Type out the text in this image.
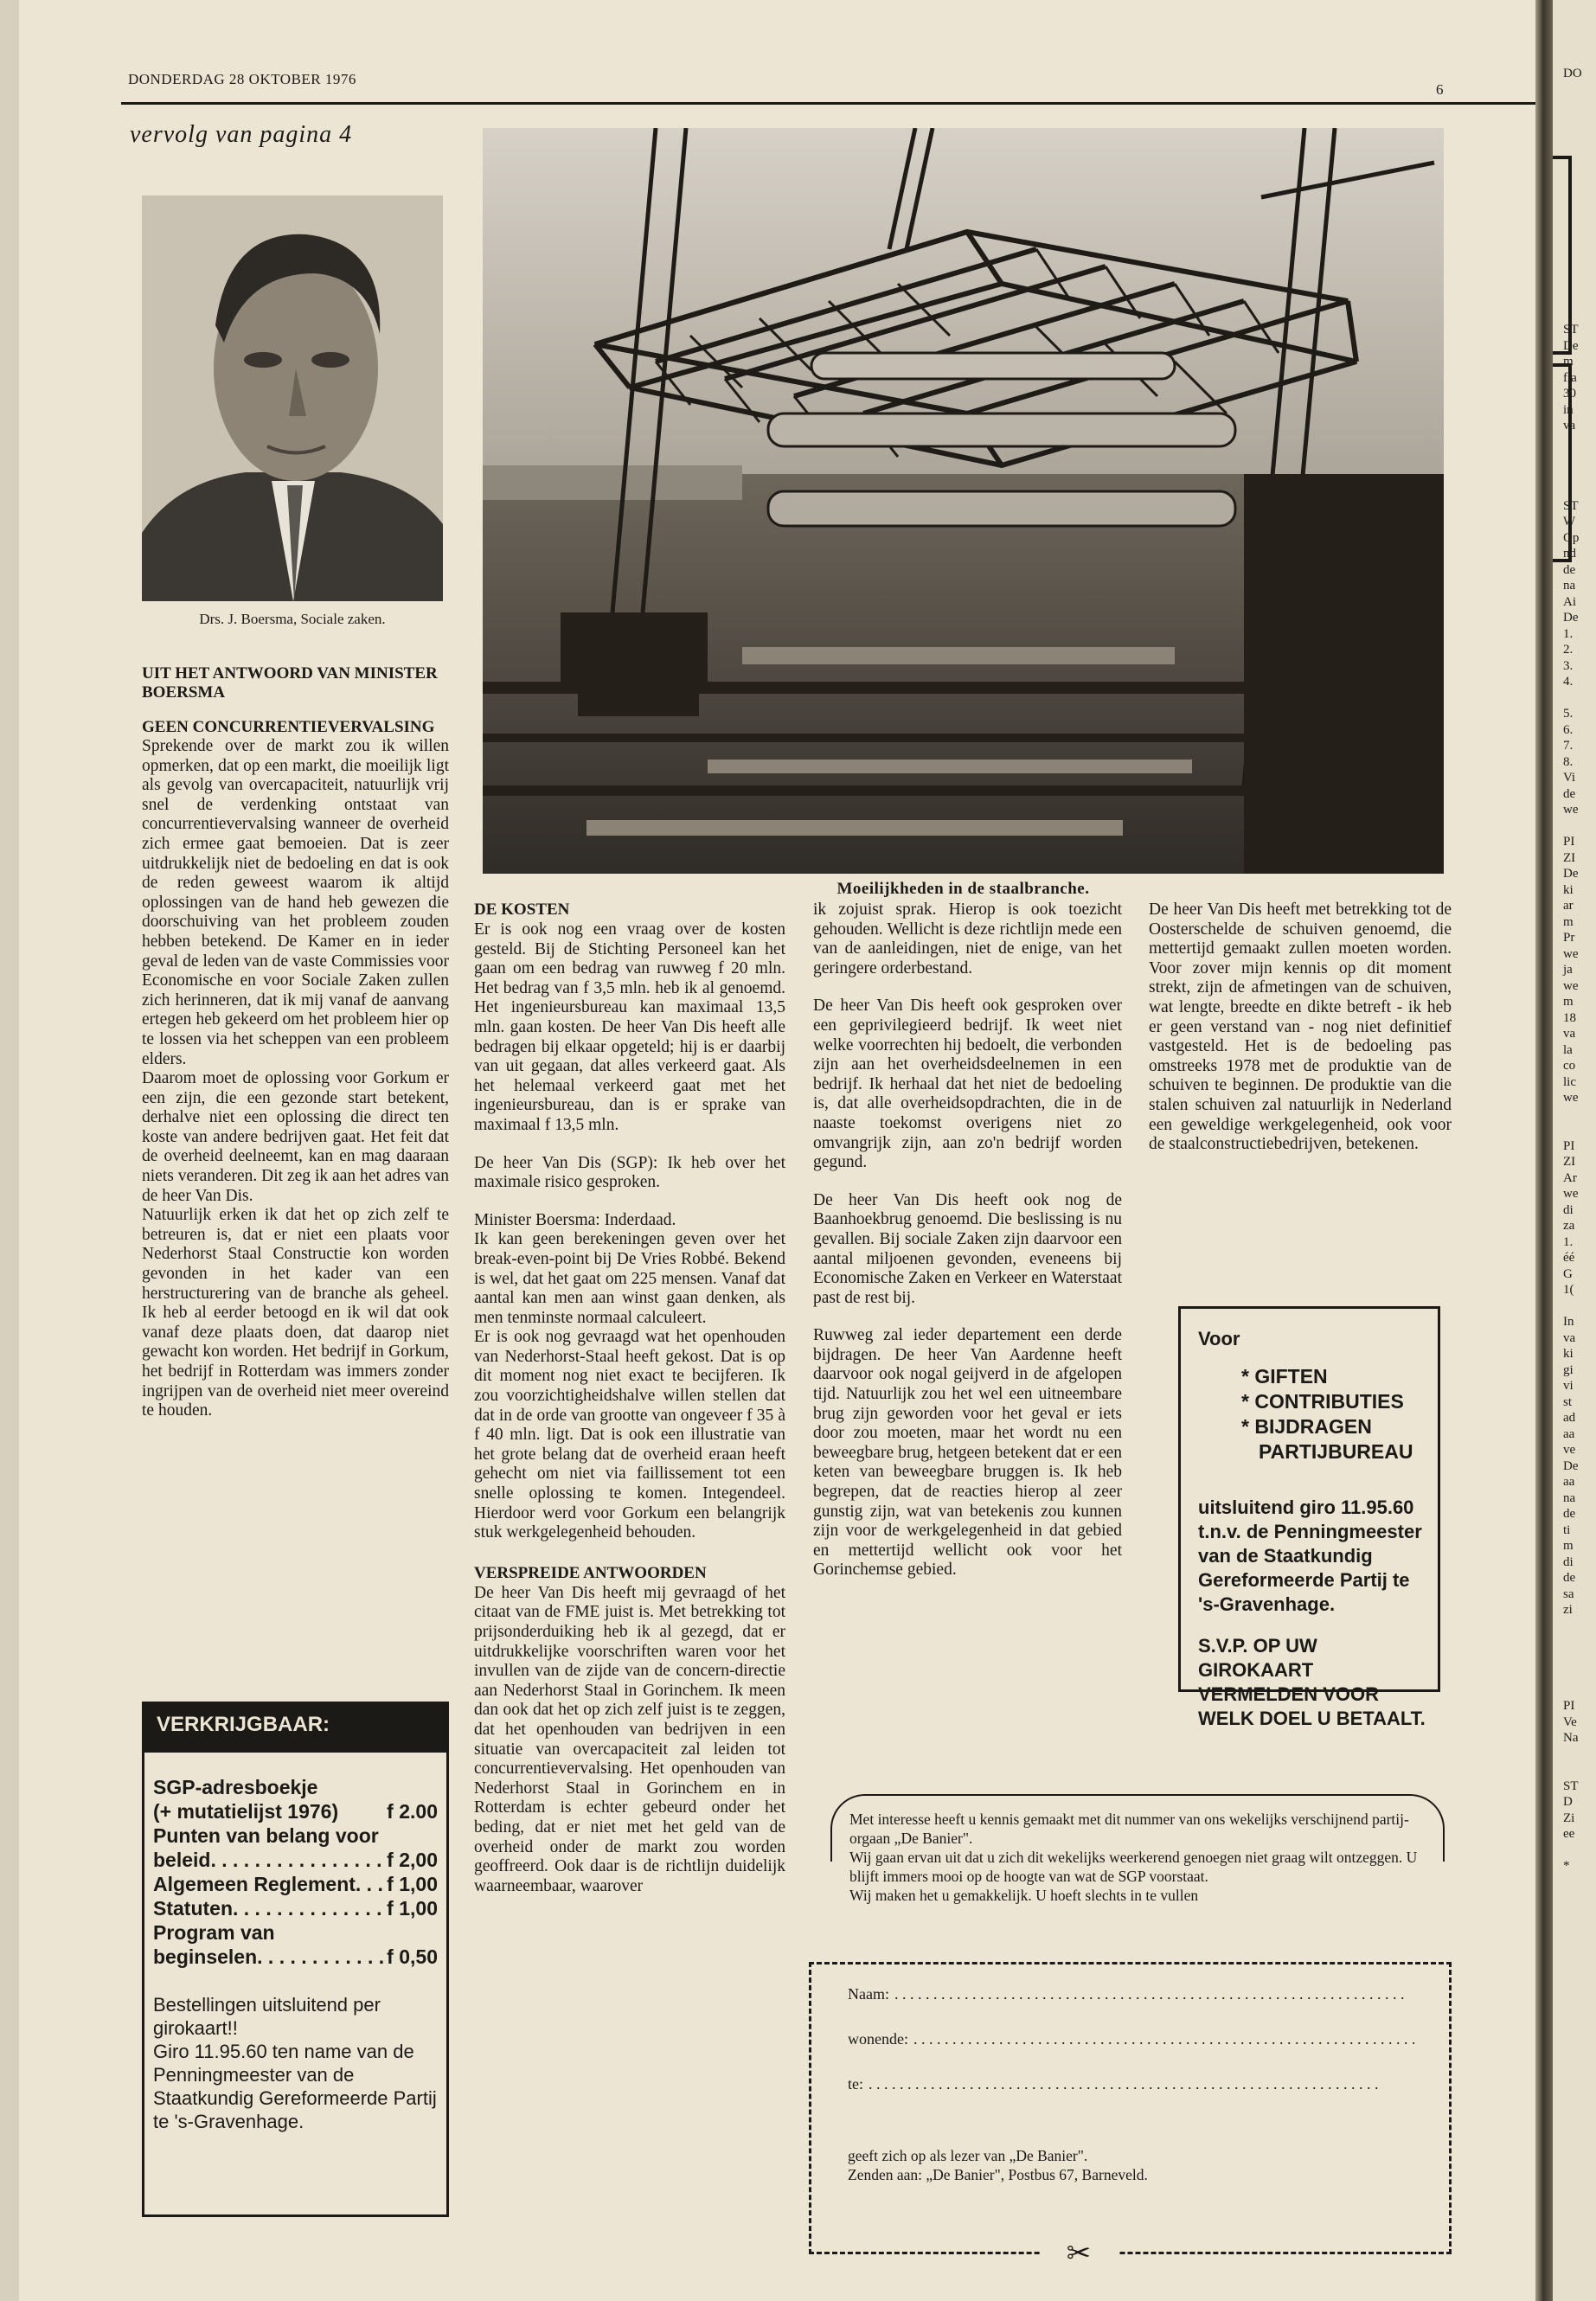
DONDERDAG 28 OKTOBER 1976
6
vervolg van pagina 4
Drs. J. Boersma, Sociale zaken.
Moeilijkheden in de staalbranche.
UIT HET ANTWOORD VAN MINISTER BOERSMA
GEEN CONCURRENTIEVERVALSING

Sprekende over de markt zou ik willen opmerken, dat op een markt, die moeilijk ligt als gevolg van overcapaciteit, natuurlijk vrij snel de verdenking ontstaat van concurrentievervalsing wanneer de overheid zich ermee gaat bemoeien. Dat is zeer uitdrukkelijk niet de bedoeling en dat is ook de reden geweest waarom ik altijd oplossingen van de hand heb gewezen die doorschuiving van het probleem zouden hebben betekend. De Kamer en in ieder geval de leden van de vaste Commissies voor Economische en voor Sociale Zaken zullen zich herinneren, dat ik mij vanaf de aanvang ertegen heb gekeerd om het probleem hier op te lossen via het scheppen van een probleem elders.

Daarom moet de oplossing voor Gorkum er een zijn, die een gezonde start betekent, derhalve niet een oplossing die direct ten koste van andere bedrijven gaat. Het feit dat de overheid deelneemt, kan en mag daaraan niets veranderen. Dit zeg ik aan het adres van de heer Van Dis.

Natuurlijk erken ik dat het op zich zelf te betreuren is, dat er niet een plaats voor Nederhorst Staal Constructie kon worden gevonden in het kader van een herstructurering van de branche als geheel. Ik heb al eerder betoogd en ik wil dat ook vanaf deze plaats doen, dat daarop niet gewacht kon worden. Het bedrijf in Gorkum, het bedrijf in Rotterdam was immers zonder ingrijpen van de overheid niet meer overeind te houden.

VERKRIJGBAAR:
SGP-adresboekje
(+ mutatielijst 1976) f 2.00
Punten van belang voor
beleid . . .	f 2,00
Algemeen Reglement . . . f 1,00
Statuten . . .	f 1,00
Program van
beginselen . . .	f 0,50
Bestellingen uitsluitend per girokaart!!
Giro 11.95.60 ten name van de Penningmeester van de Staatkundig Gereformeerde Partij te 's-Gravenhage.
DE KOSTEN

Er is ook nog een vraag over de kosten gesteld. Bij de Stichting Personeel kan het gaan om een bedrag van ruwweg f 20 mln. Het bedrag van f 3,5 mln. heb ik al genoemd. Het ingenieursbureau kan maximaal 13,5 mln. gaan kosten. De heer Van Dis heeft alle bedragen bij elkaar opgeteld; hij is er daarbij van uit gegaan, dat alles verkeerd gaat. Als het helemaal verkeerd gaat met het ingenieursbureau, dan is er sprake van maximaal f 13,5 mln.

De heer Van Dis (SGP): Ik heb over het maximale risico gesproken.

Minister Boersma: Inderdaad.

Ik kan geen berekeningen geven over het break-even-point bij De Vries Robbé. Bekend is wel, dat het gaat om 225 mensen. Vanaf dat aantal kan men aan winst gaan denken, als men tenminste normaal calculeert.

Er is ook nog gevraagd wat het openhouden van Nederhorst-Staal heeft gekost. Dat is op dit moment nog niet exact te becijferen. Ik zou voorzichtigheidshalve willen stellen dat dat in de orde van grootte van ongeveer f 35 à f 40 mln. ligt. Dat is ook een illustratie van het grote belang dat de overheid eraan heeft gehecht om niet via faillissement tot een snelle oplossing te komen. Integendeel. Hierdoor werd voor Gorkum een belangrijk stuk werkgelegenheid behouden.

VERSPREIDE ANTWOORDEN

De heer Van Dis heeft mij gevraagd of het citaat van de FME juist is. Met betrekking tot prijsonderduiking heb ik al gezegd, dat er uitdrukkelijke voorschriften waren voor het invullen van de zijde van de concern-directie aan Nederhorst Staal in Gorinchem. Ik meen dan ook dat het op zich zelf juist is te zeggen, dat het openhouden van bedrijven in een situatie van overcapaciteit zal leiden tot concurrentievervalsing. Het openhouden van Nederhorst Staal in Gorinchem en in Rotterdam is echter gebeurd onder het beding, dat er niet met het geld van de overheid onder de markt zou worden geoffreerd. Ook daar is de richtlijn duidelijk waarneembaar, waarover

ik zojuist sprak. Hierop is ook toezicht gehouden. Wellicht is deze richtlijn mede een van de aanleidingen, niet de enige, van het geringere orderbestand.

De heer Van Dis heeft ook gesproken over een geprivilegieerd bedrijf. Ik weet niet welke voorrechten hij bedoelt, die verbonden zijn aan het overheidsdeelnemen in een bedrijf. Ik herhaal dat het niet de bedoeling is, dat alle overheidsopdrachten, die in de naaste toekomst overigens niet zo omvangrijk zijn, aan zo'n bedrijf worden gegund.

De heer Van Dis heeft ook nog de Baanhoekbrug genoemd. Die beslissing is nu gevallen. Bij sociale Zaken zijn daarvoor een aantal miljoenen gevonden, eveneens bij Economische Zaken en Verkeer en Waterstaat past de rest bij.

Ruwweg zal ieder departement een derde bijdragen. De heer Van Aardenne heeft daarvoor ook nogal geijverd in de afgelopen tijd. Natuurlijk zou het wel een uitneembare brug zijn geworden voor het geval er iets door zou moeten, maar het wordt nu een beweegbare brug, hetgeen betekent dat er een keten van beweegbare bruggen is. Ik heb begrepen, dat de reacties hierop al zeer gunstig zijn, wat van betekenis zou kunnen zijn voor de werkgelegenheid in dat gebied en mettertijd wellicht ook voor het Gorinchemse gebied.

De heer Van Dis heeft met betrekking tot de Oosterschelde de schuiven genoemd, die mettertijd gemaakt zullen moeten worden. Voor zover mijn kennis op dit moment strekt, zijn de afmetingen van de schuiven, wat lengte, breedte en dikte betreft - ik heb er geen verstand van - nog niet definitief vastgesteld. Het is de bedoeling pas omstreeks 1978 met de produktie van de schuiven te beginnen. De produktie van die stalen schuiven zal natuurlijk in Nederland een geweldige werkgelegenheid, ook voor de staalconstructiebedrijven, betekenen.

Voor
* GIFTEN
* CONTRIBUTIES
* BIJDRAGEN
PARTIJBUREAU
uitsluitend giro 11.95.60 t.n.v. de Penningmeester van de Staatkundig Gereformeerde Partij te 's-Gravenhage.
S.V.P. OP UW GIROKAART VERMELDEN VOOR WELK DOEL U BETAALT.

Met interesse heeft u kennis gemaakt met dit nummer van ons wekelijks verschijnend partij-orgaan „De Banier".

Wij gaan ervan uit dat u zich dit wekelijks weerkerend genoegen niet graag wilt ontzeggen. U blijft immers mooi op de hoogte van wat de SGP voorstaat.

Wij maken het u gemakkelijk. U hoeft slechts in te vullen

Naam:
. . .
wonende:
. . .
te:
. . .
geeft zich op als lezer van „De Banier".
Zenden aan: „De Banier", Postbus 67, Barneveld.
✂
DO

ST
De
m
fla
30
in
va

ST
W
Op
nd
de
na
Ai
De
1.
2.
3.
4.

5.
6.
7.
8.
Vi
de
we

PI
ZI
De
ki
ar
m
Pr
we
ja
we
m
18
va
la
co
lic
we

PI
ZI
Ar
we
di
za
1.
éé
G
1(

In
va
ki
gi
vi
st
ad
aa
ve
De
aa
na
de
ti
m
di
de
sa
zi

PI
Ve
Na

ST
D
Zi
ee

*
